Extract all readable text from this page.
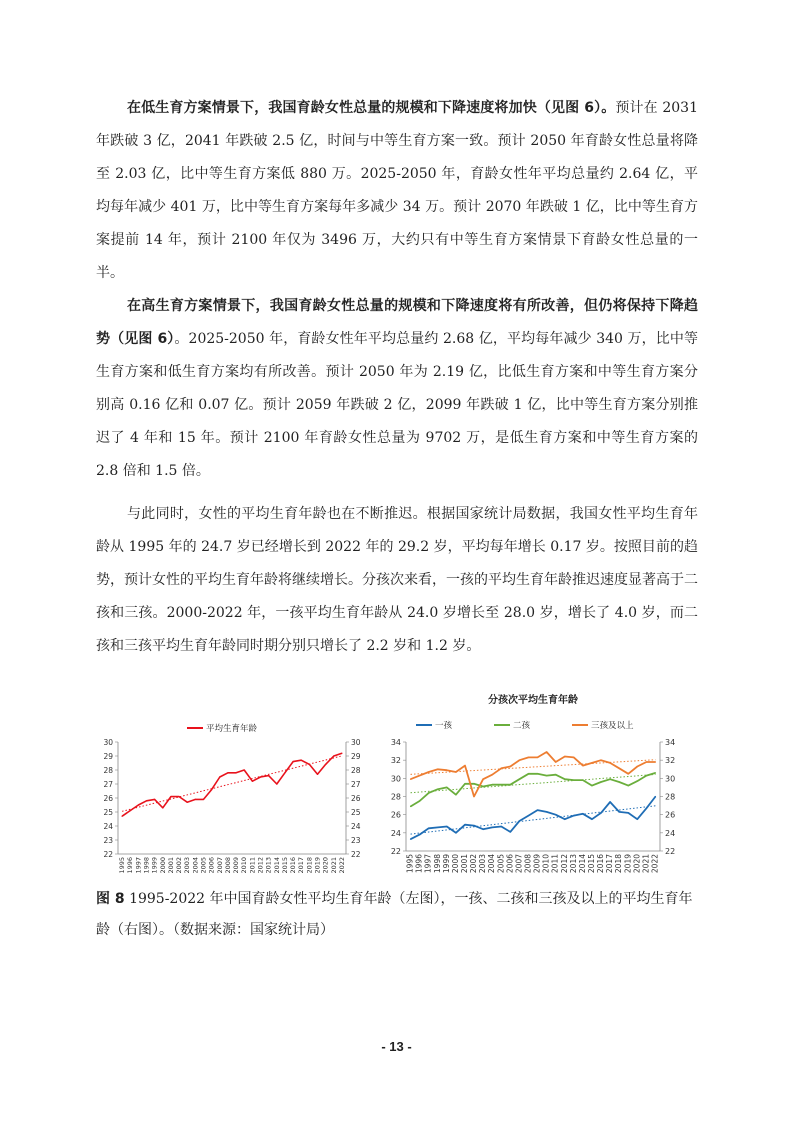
在低生育方案情景下，我国育龄女性总量的规模和下降速度将加快（见图 6）。预计在 2031 年跌破 3 亿，2041 年跌破 2.5 亿，时间与中等生育方案一致。预计 2050 年育龄女性总量将降至 2.03 亿，比中等生育方案低 880 万。2025-2050 年，育龄女性年平均总量约 2.64 亿，平均每年减少 401 万，比中等生育方案每年多减少 34 万。预计 2070 年跌破 1 亿，比中等生育方案提前 14 年，预计 2100 年仅为 3496 万，大约只有中等生育方案情景下育龄女性总量的一半。

在高生育方案情景下，我国育龄女性总量的规模和下降速度将有所改善，但仍将保持下降趋势（见图 6）。2025-2050 年，育龄女性年平均总量约 2.68 亿，平均每年减少 340 万，比中等生育方案和低生育方案均有所改善。预计 2050 年为 2.19 亿，比低生育方案和中等生育方案分别高 0.16 亿和 0.07 亿。预计 2059 年跌破 2 亿，2099 年跌破 1 亿，比中等生育方案分别推迟了 4 年和 15 年。预计 2100 年育龄女性总量为 9702 万，是低生育方案和中等生育方案的 2.8 倍和 1.5 倍。

与此同时，女性的平均生育年龄也在不断推迟。根据国家统计局数据，我国女性平均生育年龄从 1995 年的 24.7 岁已经增长到 2022 年的 29.2 岁，平均每年增长 0.17 岁。按照目前的趋势，预计女性的平均生育年龄将继续增长。分孩次来看，一孩的平均生育年龄推迟速度显著高于二孩和三孩。2000-2022 年，一孩平均生育年龄从 24.0 岁增长至 28.0 岁，增长了 4.0 岁，而二孩和三孩平均生育年龄同时期分别只增长了 2.2 岁和 1.2 岁。

平均生育年龄
22	22
23	23
24	24
25	25
26	26
27	27
28	28
29	29
30	30
1995 1996 1997 1998 1999 2000 2001 2002 2003 2004 2005 2006 2007 2008 2009 2010 2011 2012 2013 2014 2015 2016 2017 2018 2019 2020 2021 2022
分孩次平均生育年龄
一孩	二孩	三孩及以上
22	22
24	24
26	26
28	28
30	30
32	32
34	34
1995 1996 1997 1998 1999 2000 2001 2002 2003 2004 2005 2006 2007 2008 2009 2010 2011 2012 2013 2014 2015 2016 2017 2018 2019 2020 2021 2022

图 8 1995-2022 年中国育龄女性平均生育年龄（左图），一孩、二孩和三孩及以上的平均生育年龄（右图）。（数据来源：国家统计局）

- 13 -
